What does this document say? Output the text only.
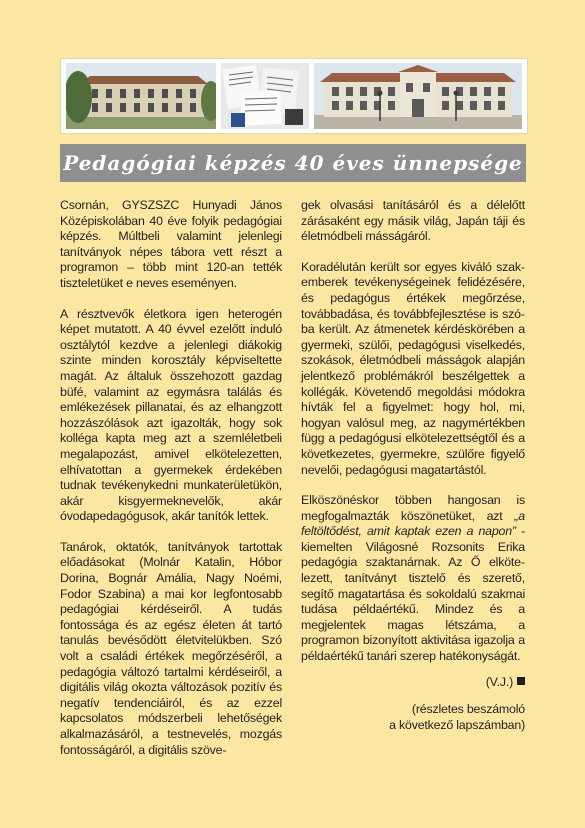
Pedagógiai képzés 40 éves ünnepsége

Csornán, GYSZSZC Hunyadi János Középiskolában 40 éve folyik pedagógiai képzés. Múltbeli valamint jelenlegi tanítványok népes tábora vett részt a programon – több mint 120-an tették tiszteletüket e neves eseményen.

A résztvevők életkora igen heterogén képet mutatott. A 40 évvel ezelőtt induló osztálytól kezdve a jelenlegi diákokig szinte minden korosztály képviseltette magát. Az általuk összehozott gazdag büfé, valamint az egymásra találás és emlékezések pillanatai, és az elhangzott hozzászólások azt igazolták, hogy sok kolléga kapta meg azt a szemléletbeli megalapozást, amivel elkötelezetten, elhívatottan a gyermekek érdekében tudnak tevékenykedni munkaterületükön, akár kisgyermeknevelők, akár óvodapedagógusok, akár tanítók lettek.

Tanárok, oktatók, tanítványok tartottak előadásokat (Molnár Katalin, Hóbor Dorina, Bognár Amália, Nagy Noémi, Fodor Szabina) a mai kor legfontosabb pedagógiai kérdéseiről. A tudás fontossága és az egész életen át tartó tanulás bevésődött életvitelükben. Szó volt a családi értékek megőrzéséről, a pedagógia változó tartalmi kérdéseiről, a digitális világ okozta változások pozitív és negatív tendenciáiról, és az ezzel kapcsolatos módszerbeli lehetőségek alkalmazásáról, a testnevelés, mozgás fontosságáról, a digitális szöve-

gek olvasási tanításáról és a délelőtt zárásaként egy másik világ, Japán táji és életmódbeli másságáról.

Koradélután került sor egyes kiváló szakemberek tevékenységeinek felidézésére, és pedagógus értékek megőrzése, továbbadása, és továbbfejlesztése is szóba került. Az átmenetek kérdéskörében a gyermeki, szülői, pedagógusi viselkedés, szokások, életmódbeli másságok alapján jelentkező problémákról beszélgettek a kollégák. Követendő megoldási módokra hívták fel a figyelmet: hogy hol, mi, hogyan valósul meg, az nagymértékben függ a pedagógusi elkötelezettségtől és a következetes, gyermekre, szülőre figyelő nevelői, pedagógusi magatartástól.

Elköszönéskor többen hangosan is megfogalmazták köszönetüket, azt „a feltöltődést, amit kaptak ezen a napon” - kiemelten Világosné Rozsonits Erika pedagógia szaktanárnak. Az Ő elkötelezett, tanítványt tisztelő és szerető, segítő magatartása és sokoldalú szakmai tudása példaértékű. Mindez és a megjelentek magas létszáma, a programon bizonyított aktivitása igazolja a példaértékű tanári szerep hatékonyságát.

(V.J.)

(részletes beszámoló
a következő lapszámban)
